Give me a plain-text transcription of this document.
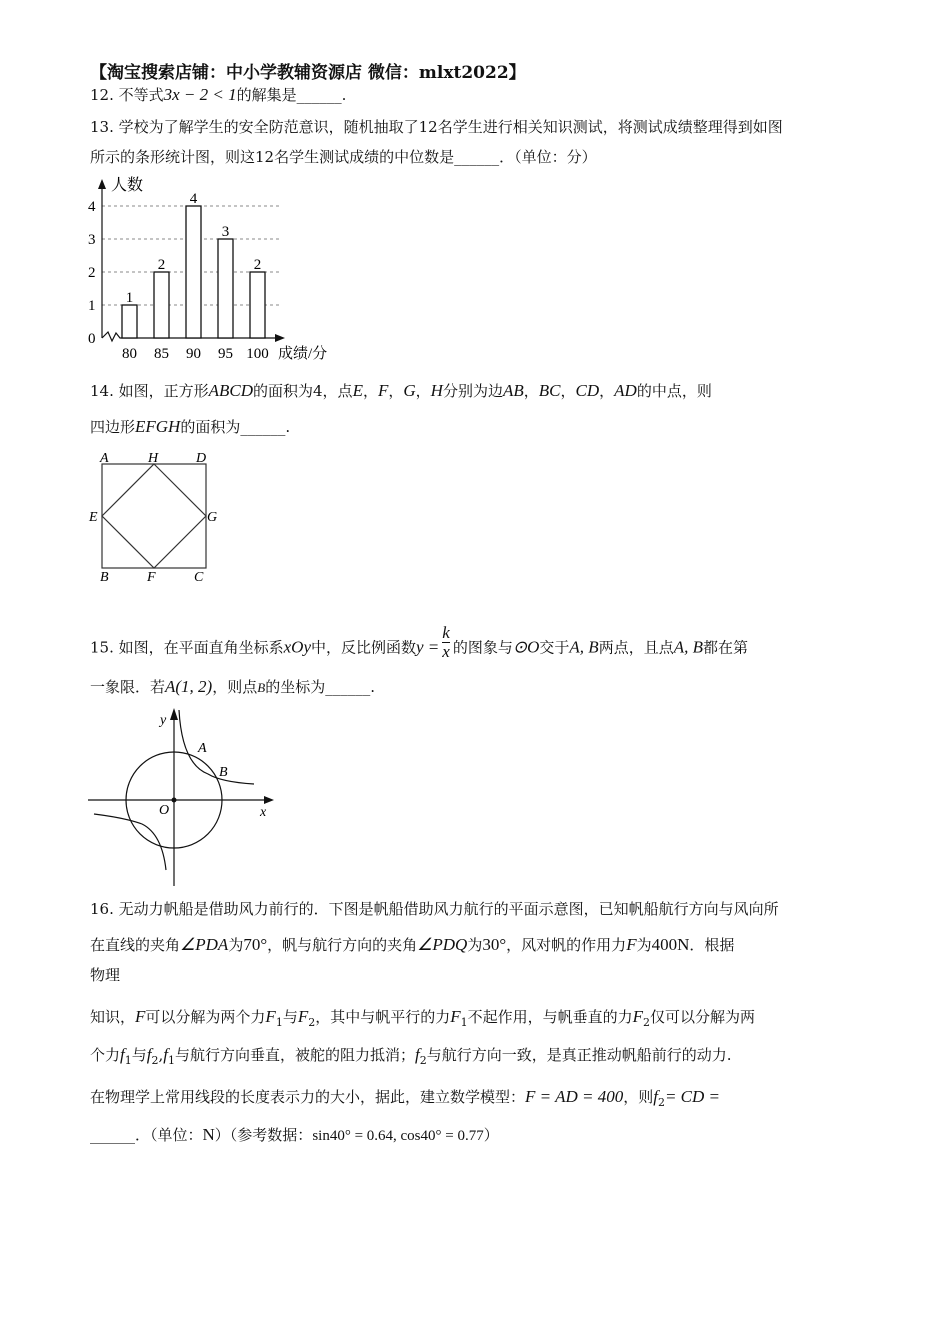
【淘宝搜索店铺：中小学教辅资源店 微信：mlxt2022】
12. 不等式3x − 2 < 1的解集是______.
13. 学校为了解学生的安全防范意识，随机抽取了12名学生进行相关知识测试，将测试成绩整理得到如图
所示的条形统计图，则这12名学生测试成绩的中位数是______．（单位：分）
人数
成绩/分
0
1
2
3
4
80 85 90 95 100
1
2
4
3
2
14. 如图，正方形ABCD的面积为4，点E，F，G，H分别为边AB，BC，CD，AD的中点，则
四边形EFGH的面积为______.
A	H	D
E	G
B	F	C
15. 如图，在平面直角坐标系xOy中，反比例函数$y = \frac{k}{x}$ 的图象与⊙O交于A, B两点，且点A, B都在第
一象限．若A(1, 2)，则点B的坐标为______.
y
x
O
A
B
16. 无动力帆船是借助风力前行的．下图是帆船借助风力航行的平面示意图，已知帆船航行方向与风向所
在直线的夹角∠PDA为70°，帆与航行方向的夹角∠PDQ为30°，风对帆的作用力F为400N．根据
物理
知识，F可以分解为两个力$F_1$与$F_2$，其中与帆平行的力$F_1$不起作用，与帆垂直的力$F_2$仅可以分解为两
个力$f_1$与$f_2,f_1$与航行方向垂直，被舵的阻力抵消；$f_2$与航行方向一致，是真正推动帆船前行的动力.
在物理学上常用线段的长度表示力的大小，据此，建立数学模型：F = AD = 400，则$f_2=$ CD =
______．（单位：N）（参考数据：sin40° = 0.64, cos40° = 0.77）
